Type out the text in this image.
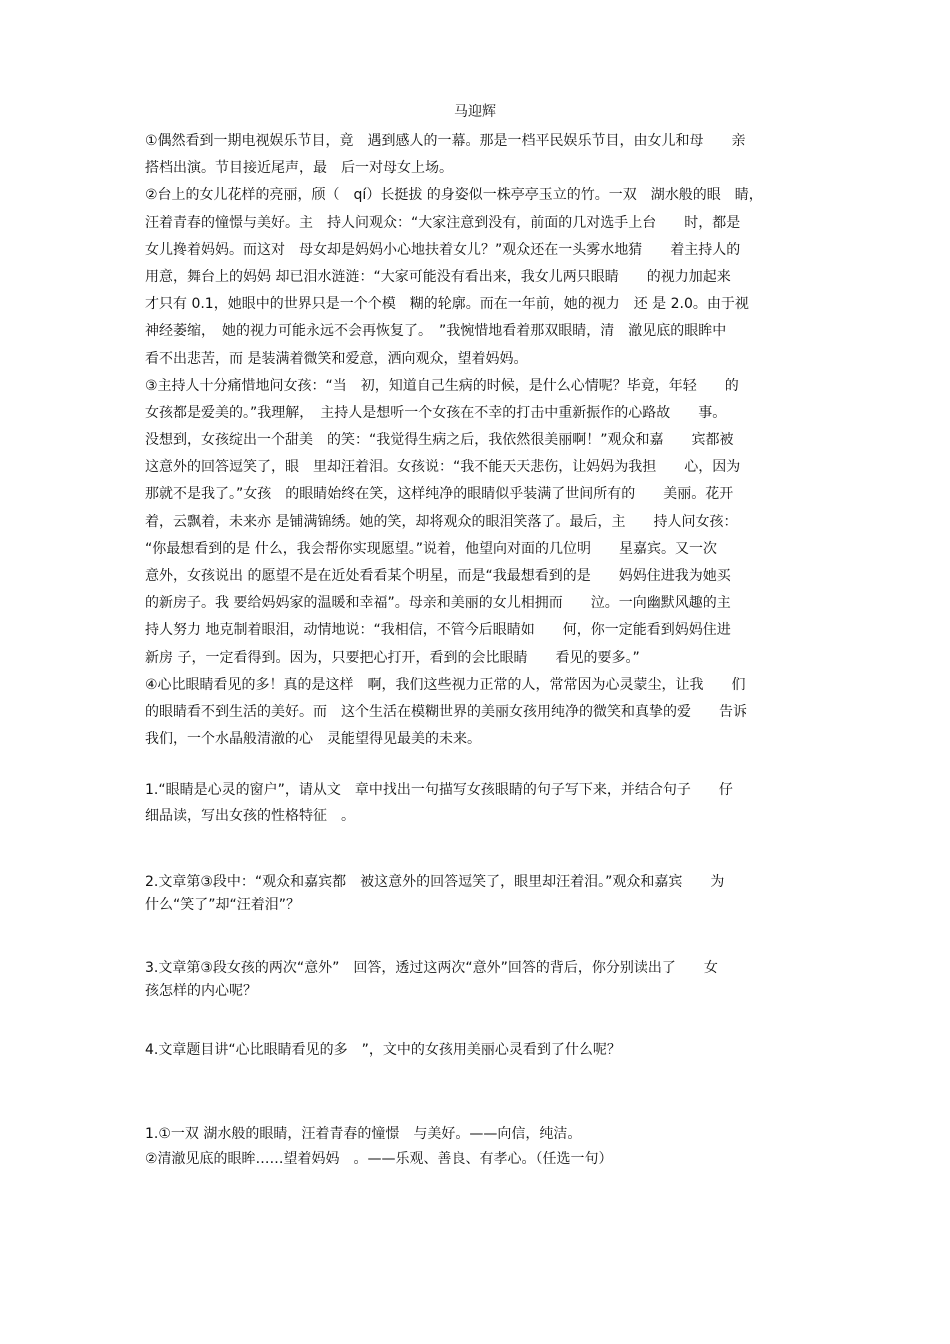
马迎辉
①偶然看到一期电视娱乐节目，竟　遇到感人的一幕。那是一档平民娱乐节目，由女儿和母　　亲
搭档出演。节目接近尾声，最　后一对母女上场。
②台上的女儿花样的亮丽，颀（　qí）长挺拔 的身姿似一株亭亭玉立的竹。一双　湖水般的眼　睛，
汪着青春的憧憬与美好。主　持人问观众：“大家注意到没有，前面的几对选手上台　　时，都是
女儿搀着妈妈。而这对　母女却是妈妈小心地扶着女儿？”观众还在一头雾水地猜　　着主持人的
用意，舞台上的妈妈 却已泪水涟涟：“大家可能没有看出来，我女儿两只眼睛　　的视力加起来
才只有 0.1，她眼中的世界只是一个个模　糊的轮廓。而在一年前，她的视力　还 是 2.0。由于视
神经萎缩，　她的视力可能永远不会再恢复了。　”我惋惜地看着那双眼睛，清　澈见底的眼眸中
看不出悲苦，而 是装满着微笑和爱意，洒向观众，望着妈妈。
③主持人十分痛惜地问女孩：“当　初，知道自己生病的时候，是什么心情呢？毕竟，年轻　　的
女孩都是爱美的。”我理解，　主持人是想听一个女孩在不幸的打击中重新振作的心路故　　事。
没想到，女孩绽出一个甜美　的笑：“我觉得生病之后，我依然很美丽啊！”观众和嘉　　宾都被
这意外的回答逗笑了，眼　里却汪着泪。女孩说：“我不能天天悲伤，让妈妈为我担　　心，因为
那就不是我了。”女孩　的眼睛始终在笑，这样纯净的眼睛似乎装满了世间所有的　　美丽。花开
着，云飘着，未来亦 是铺满锦绣。她的笑，却将观众的眼泪笑落了。最后，主　　持人问女孩：
“你最想看到的是 什么，我会帮你实现愿望。”说着，他望向对面的几位明　　星嘉宾。又一次
意外，女孩说出 的愿望不是在近处看看某个明星，而是“我最想看到的是　　妈妈住进我为她买
的新房子。我 要给妈妈家的温暖和幸福”。母亲和美丽的女儿相拥而　　泣。一向幽默风趣的主
持人努力 地克制着眼泪，动情地说：“我相信，不管今后眼睛如　　何，你一定能看到妈妈住进
新房 子，一定看得到。因为，只要把心打开，看到的会比眼睛　　看见的要多。”
④心比眼睛看见的多！真的是这样　啊，我们这些视力正常的人，常常因为心灵蒙尘，让我　　们
的眼睛看不到生活的美好。而　这个生活在模糊世界的美丽女孩用纯净的微笑和真挚的爱　　告诉
我们，一个水晶般清澈的心　灵能望得见最美的未来。
1.“眼睛是心灵的窗户”，请从文　章中找出一句描写女孩眼睛的句子写下来，并结合句子　　仔
细品读，写出女孩的性格特征　。
2.文章第③段中：“观众和嘉宾都　被这意外的回答逗笑了，眼里却汪着泪。”观众和嘉宾　　为
什么“笑了”却“汪着泪”？
3.文章第③段女孩的两次“意外”　回答，透过这两次“意外”回答的背后，你分别读出了　　女
孩怎样的内心呢？
4.文章题目讲“心比眼睛看见的多　”，文中的女孩用美丽心灵看到了什么呢？
1.①一双 湖水般的眼睛，汪着青春的憧憬　与美好。——向信，纯洁。
②清澈见底的眼眸……望着妈妈　。——乐观、善良、有孝心。（任选一句）
